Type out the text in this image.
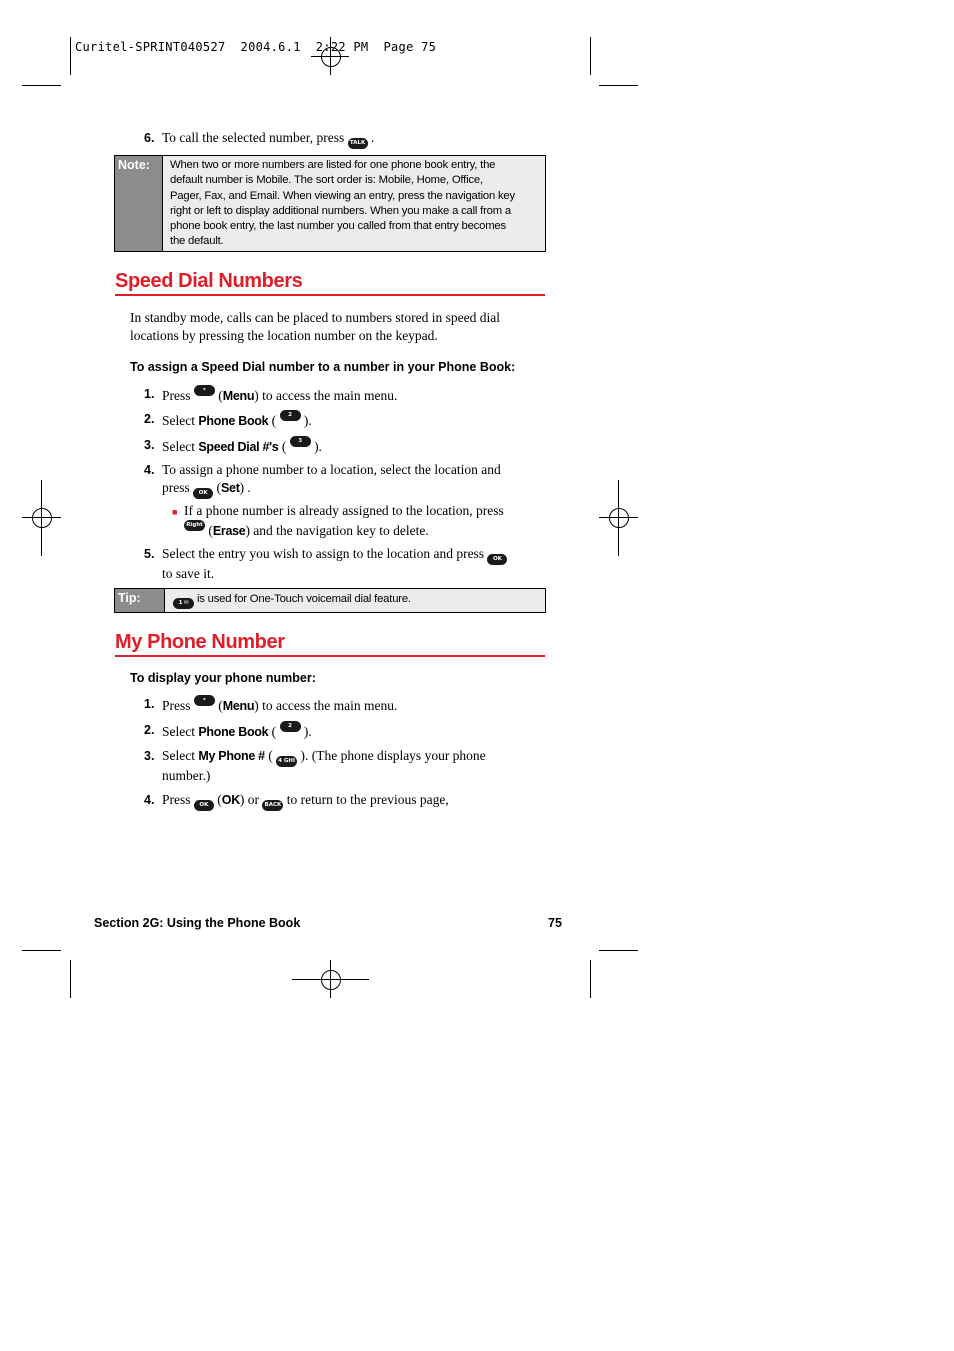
Curitel-SPRINT040527  2004.6.1  2:22 PM  Page 75
6. To call the selected number, press TALK .
Note:	When two or more numbers are listed for one phone book entry, the
default number is Mobile. The sort order is: Mobile, Home, Office,
Pager, Fax, and Email. When viewing an entry, press the navigation key
right or left to display additional numbers. When you make a call from a
phone book entry, the last number you called from that entry becomes
the default.
Speed Dial Numbers
In standby mode, calls can be placed to numbers stored in speed dial
locations by pressing the location number on the keypad.
To assign a Speed Dial number to a number in your Phone Book:
1. Press • Left (Menu) to access the main menu.
2. Select Phone Book ( 2 ABC ).
3. Select Speed Dial #'s ( 3 DEF ).
4. To assign a phone number to a location, select the location and
press OK (Set) .
■ If a phone number is already assigned to the location, press
Right • (Erase) and the navigation key to delete.
5. Select the entry you wish to assign to the location and press OK
to save it.
Tip:	1 ✉ is used for One-Touch voicemail dial feature.
My Phone Number
To display your phone number:
1. Press • Left (Menu) to access the main menu.
2. Select Phone Book ( 2 ABC ).
3. Select My Phone # ( 4 GHI ). (The phone displays your phone
number.)
4. Press OK (OK) or BACK to return to the previous page,
Section 2G: Using the Phone Book	75
